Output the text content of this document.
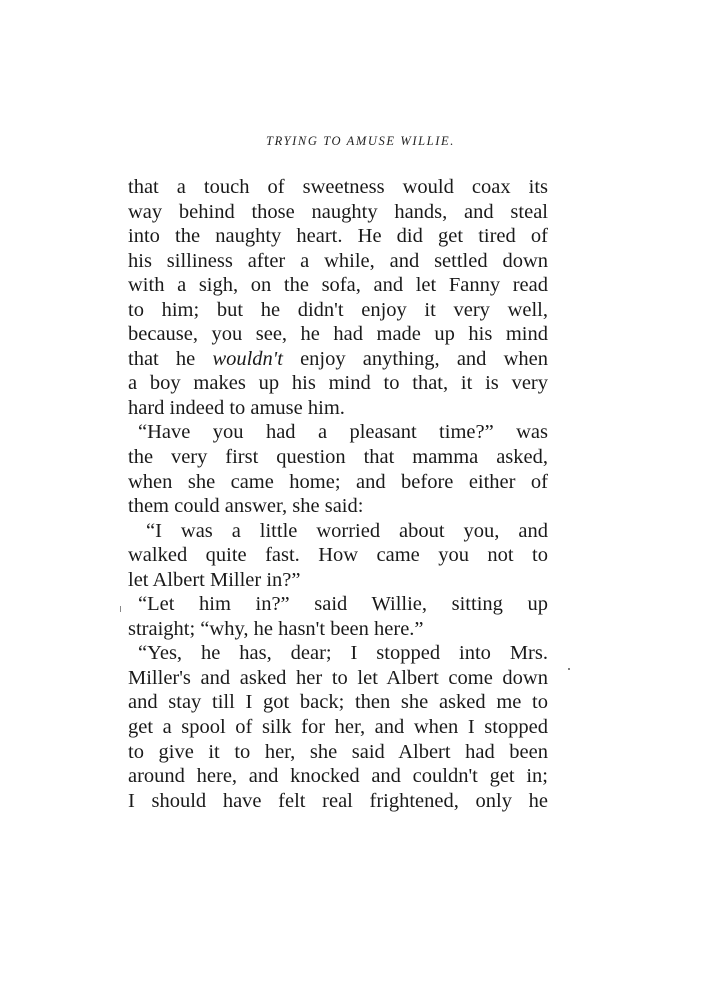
TRYING TO AMUSE WILLIE.
that a touch of sweetness would coax its
way behind those naughty hands, and steal
into the naughty heart. He did get tired of
his silliness after a while, and settled down
with a sigh, on the sofa, and let Fanny read
to him; but he didn't enjoy it very well,
because, you see, he had made up his mind
that he wouldn't enjoy anything, and when
a boy makes up his mind to that, it is very
hard indeed to amuse him.
“Have you had a pleasant time?” was
the very first question that mamma asked,
when she came home; and before either of
them could answer, she said:
“I was a little worried about you, and
walked quite fast. How came you not to
let Albert Miller in?”
“Let him in?” said Willie, sitting up
straight; “why, he hasn't been here.”
“Yes, he has, dear; I stopped into Mrs.
Miller's and asked her to let Albert come down
and stay till I got back; then she asked me to
get a spool of silk for her, and when I stopped
to give it to her, she said Albert had been
around here, and knocked and couldn't get in;
I should have felt real frightened, only he
